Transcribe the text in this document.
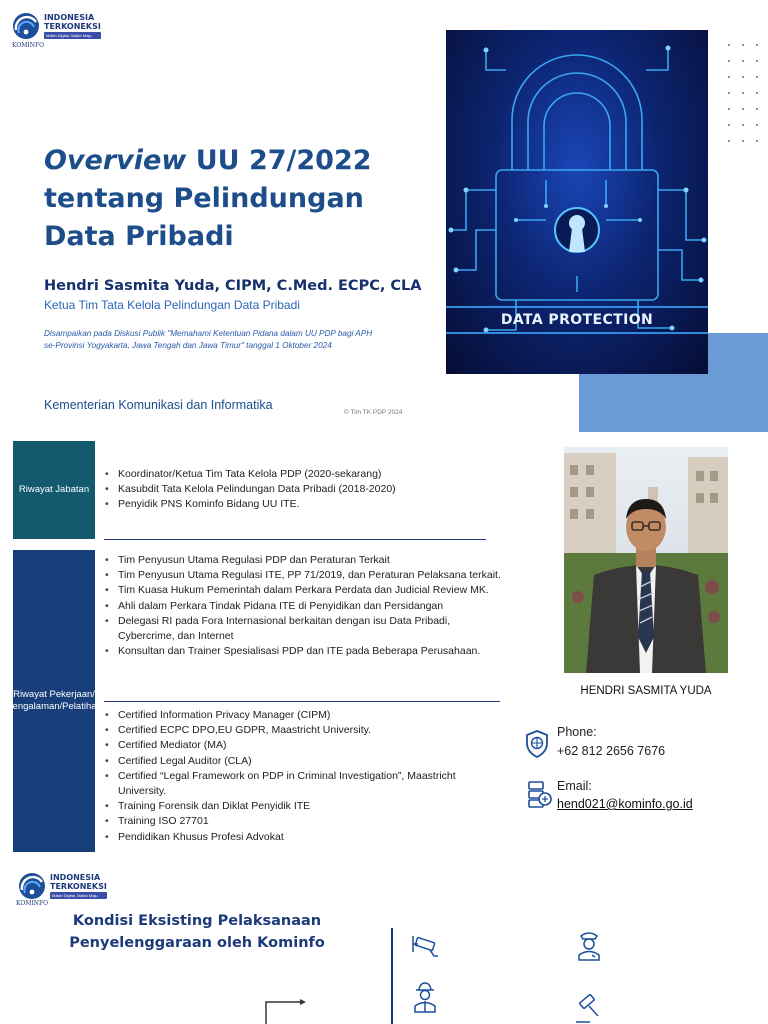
INDONESIA
TERKONEKSI
Makin Digital, Makin Maju
KOMINFO
Overview UU 27/2022
tentang Pelindungan
Data Pribadi
Hendri Sasmita Yuda, CIPM, C.Med. ECPC, CLA
Ketua Tim Tata Kelola Pelindungan Data Pribadi
Disampaikan pada Diskusi Publik "Memahami Ketentuan Pidana dalam UU PDP bagi APH
se-Provinsi Yogyakarta, Jawa Tengah dan Jawa Timur" tanggal 1 Oktober 2024
Kementerian Komunikasi dan Informatika
© Tim TK PDP 2024
DATA PROTECTION
Riwayat Jabatan
Riwayat Pekerjaan/ Pengalaman/Pelatihan
• Koordinator/Ketua Tim Tata Kelola PDP (2020-sekarang)
• Kasubdit Tata Kelola Pelindungan Data Pribadi (2018-2020)
• Penyidik PNS Kominfo Bidang UU ITE.
• Tim Penyusun Utama Regulasi PDP dan Peraturan Terkait
• Tim Penyusun Utama Regulasi ITE, PP 71/2019, dan Peraturan Pelaksana terkait.
• Tim Kuasa Hukum Pemerintah dalam Perkara Perdata dan Judicial Review MK.
• Ahli dalam Perkara Tindak Pidana ITE di Penyidikan dan Persidangan
• Delegasi RI pada Fora Internasional berkaitan dengan isu Data Pribadi, Cybercrime, dan Internet
• Konsultan dan Trainer Spesialisasi PDP dan ITE pada Beberapa Perusahaan.
• Certified Information Privacy Manager (CIPM)
• Certified ECPC DPO,EU GDPR, Maastricht University.
• Certified Mediator (MA)
• Certified Legal Auditor (CLA)
• Certified “Legal Framework on PDP in Criminal Investigation”, Maastricht University.
• Training Forensik dan Diklat Penyidik ITE
• Training ISO 27701
• Pendidikan Khusus Profesi Advokat
HENDRI SASMITA YUDA
Phone:
+62 812 2656 7676
Email:
hend021@kominfo.go.id
INDONESIA
TERKONEKSI
Makin Digital, Makin Maju
KOMINFO
Kondisi Eksisting Pelaksanaan
Penyelenggaraan oleh Kominfo
